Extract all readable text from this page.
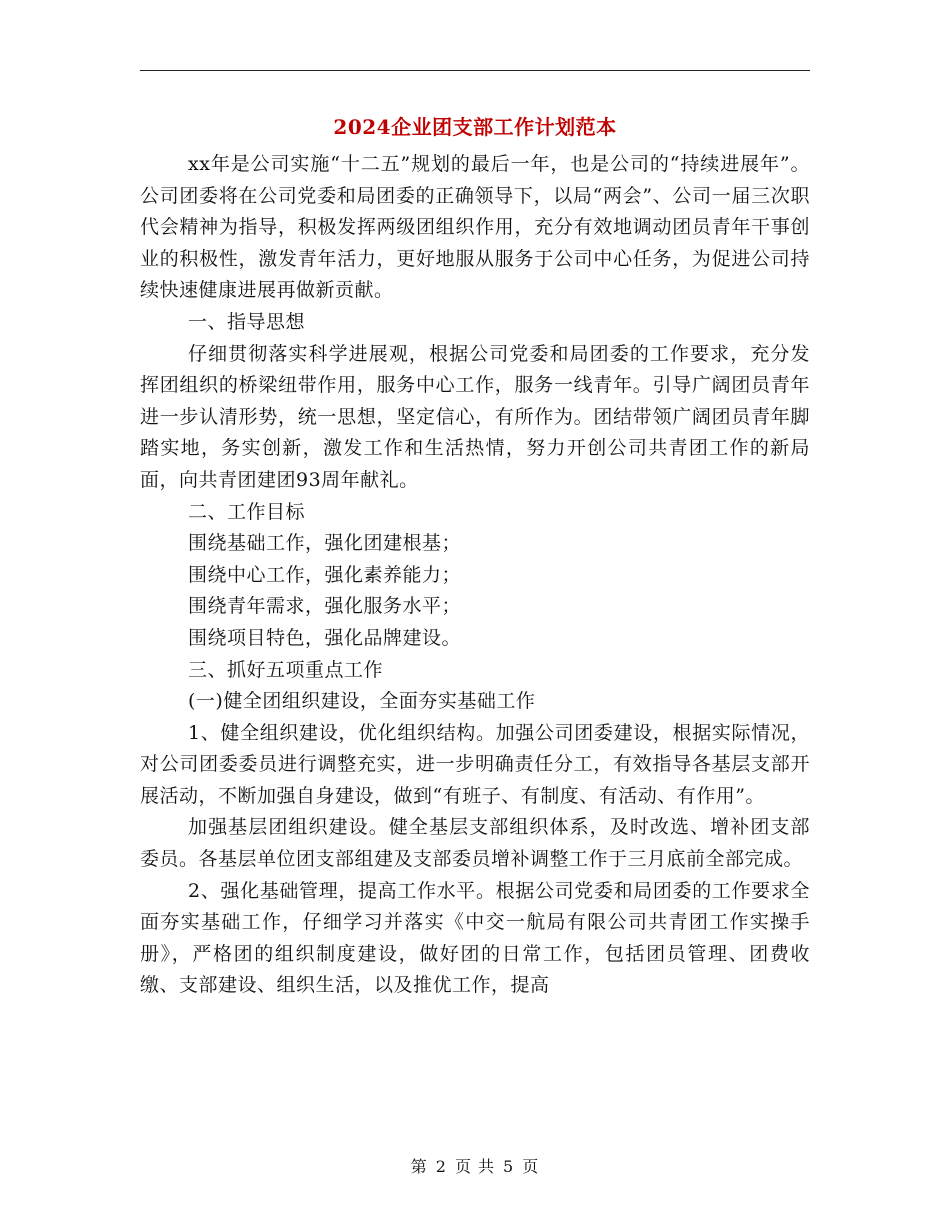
2024企业团支部工作计划范本

xx年是公司实施“十二五”规划的最后一年，也是公司的“持续进展年”。公司团委将在公司党委和局团委的正确领导下，以局“两会”、公司一届三次职代会精神为指导，积极发挥两级团组织作用，充分有效地调动团员青年干事创业的积极性，激发青年活力，更好地服从服务于公司中心任务，为促进公司持续快速健康进展再做新贡献。

一、指导思想

仔细贯彻落实科学进展观，根据公司党委和局团委的工作要求，充分发挥团组织的桥梁纽带作用，服务中心工作，服务一线青年。引导广阔团员青年进一步认清形势，统一思想，坚定信心，有所作为。团结带领广阔团员青年脚踏实地，务实创新，激发工作和生活热情，努力开创公司共青团工作的新局面，向共青团建团93周年献礼。

二、工作目标

围绕基础工作，强化团建根基；

围绕中心工作，强化素养能力；

围绕青年需求，强化服务水平；

围绕项目特色，强化品牌建设。

三、抓好五项重点工作

(一)健全团组织建设，全面夯实基础工作

1、健全组织建设，优化组织结构。加强公司团委建设，根据实际情况，对公司团委委员进行调整充实，进一步明确责任分工，有效指导各基层支部开展活动，不断加强自身建设，做到“有班子、有制度、有活动、有作用”。

加强基层团组织建设。健全基层支部组织体系，及时改选、增补团支部委员。各基层单位团支部组建及支部委员增补调整工作于三月底前全部完成。

2、强化基础管理，提高工作水平。根据公司党委和局团委的工作要求全面夯实基础工作，仔细学习并落实《中交一航局有限公司共青团工作实操手册》，严格团的组织制度建设，做好团的日常工作，包括团员管理、团费收缴、支部建设、组织生活，以及推优工作，提高

第 2 页 共 5 页
